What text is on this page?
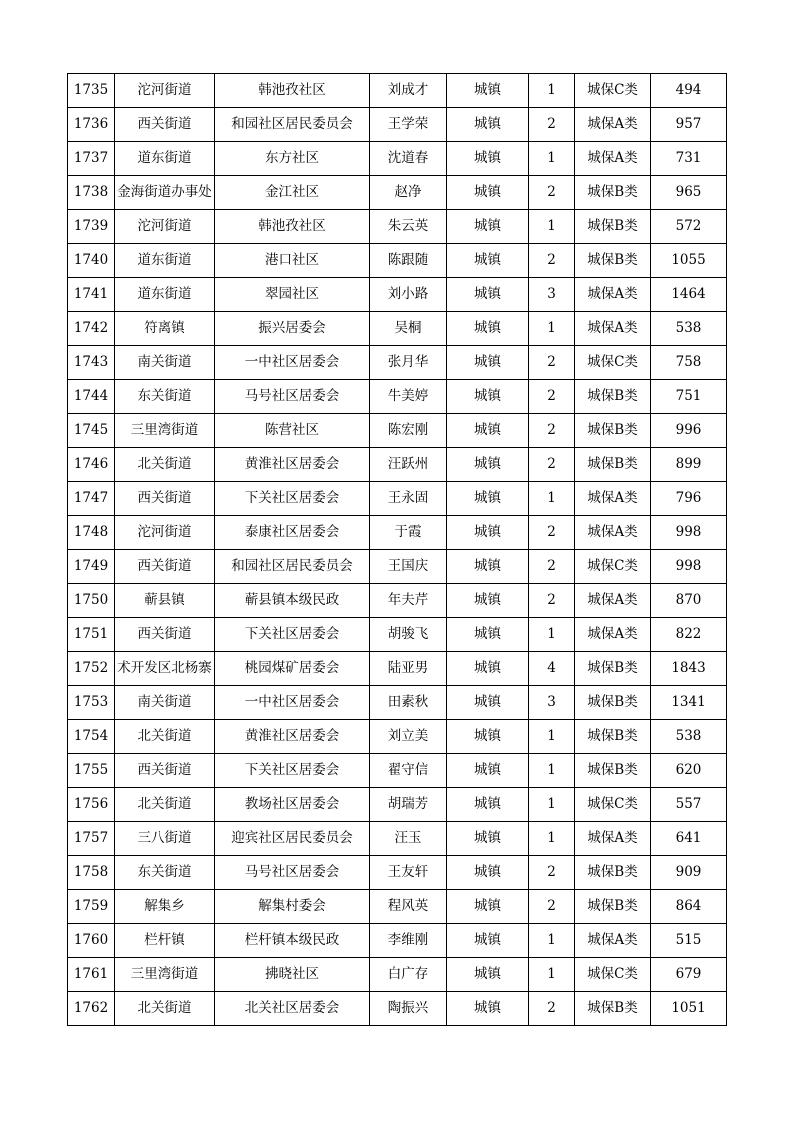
1735	沱河街道	韩池孜社区	刘成才	城镇	1	城保C类	494
1736	西关街道	和园社区居民委员会	王学荣	城镇	2	城保A类	957
1737	道东街道	东方社区	沈道春	城镇	1	城保A类	731
1738	金海街道办事处	金江社区	赵净	城镇	2	城保B类	965
1739	沱河街道	韩池孜社区	朱云英	城镇	1	城保B类	572
1740	道东街道	港口社区	陈跟随	城镇	2	城保B类	1055
1741	道东街道	翠园社区	刘小路	城镇	3	城保A类	1464
1742	符离镇	振兴居委会	吴桐	城镇	1	城保A类	538
1743	南关街道	一中社区居委会	张月华	城镇	2	城保C类	758
1744	东关街道	马号社区居委会	牛美婷	城镇	2	城保B类	751
1745	三里湾街道	陈营社区	陈宏刚	城镇	2	城保B类	996
1746	北关街道	黄淮社区居委会	汪跃州	城镇	2	城保B类	899
1747	西关街道	下关社区居委会	王永固	城镇	1	城保A类	796
1748	沱河街道	泰康社区居委会	于霞	城镇	2	城保A类	998
1749	西关街道	和园社区居民委员会	王国庆	城镇	2	城保C类	998
1750	蕲县镇	蕲县镇本级民政	年夫芹	城镇	2	城保A类	870
1751	西关街道	下关社区居委会	胡骏飞	城镇	1	城保A类	822
1752	术开发区北杨寨	桃园煤矿居委会	陆亚男	城镇	4	城保B类	1843
1753	南关街道	一中社区居委会	田素秋	城镇	3	城保B类	1341
1754	北关街道	黄淮社区居委会	刘立美	城镇	1	城保B类	538
1755	西关街道	下关社区居委会	翟守信	城镇	1	城保B类	620
1756	北关街道	教场社区居委会	胡瑞芳	城镇	1	城保C类	557
1757	三八街道	迎宾社区居民委员会	汪玉	城镇	1	城保A类	641
1758	东关街道	马号社区居委会	王友轩	城镇	2	城保B类	909
1759	解集乡	解集村委会	程风英	城镇	2	城保B类	864
1760	栏杆镇	栏杆镇本级民政	李维刚	城镇	1	城保A类	515
1761	三里湾街道	拂晓社区	白广存	城镇	1	城保C类	679
1762	北关街道	北关社区居委会	陶振兴	城镇	2	城保B类	1051
